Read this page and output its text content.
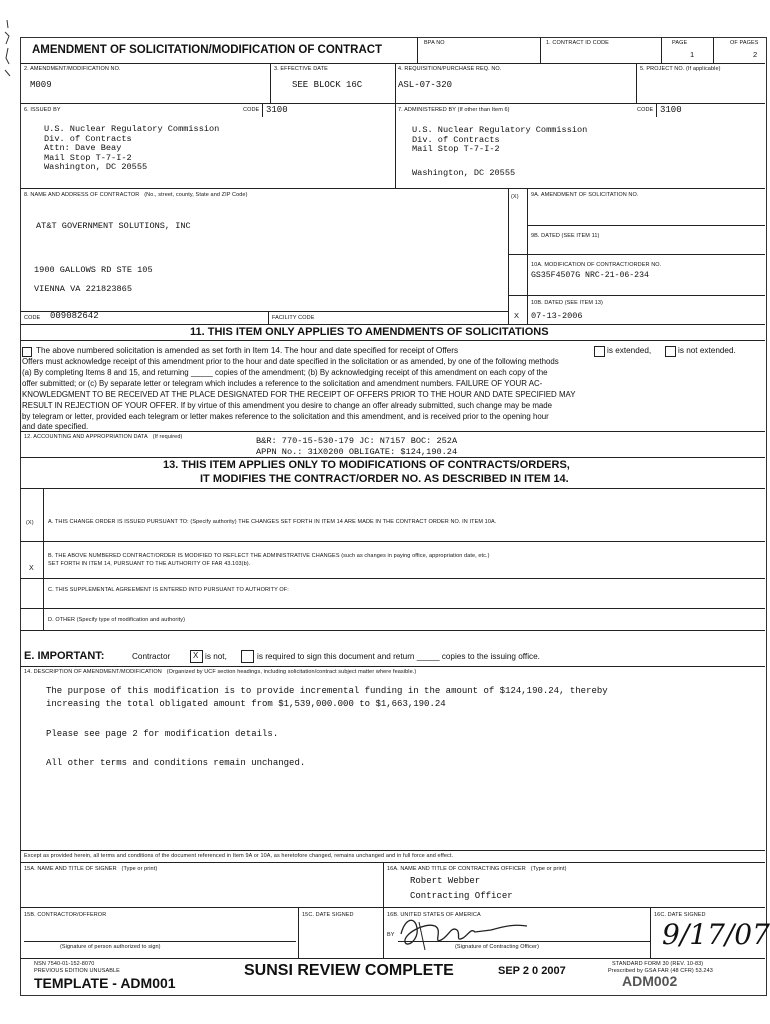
AMENDMENT OF SOLICITATION/MODIFICATION OF CONTRACT
BPA NO	1. CONTRACT ID CODE	PAGE
1
OF PAGES
2
2. AMENDMENT/MODIFICATION NO.
M009
3. EFFECTIVE DATE
SEE BLOCK 16C
4. REQUISITION/PURCHASE REQ. NO.
ASL-07-320
5. PROJECT NO. (If applicable)
6. ISSUED BY	CODE 3100
U.S. Nuclear Regulatory Commission
Div. of Contracts
Attn: Dave Beay
Mail Stop T-7-I-2
Washington, DC 20555
7. ADMINISTERED BY (If other than Item 6)	CODE 3100
U.S. Nuclear Regulatory Commission
Div. of Contracts
Mail Stop T-7-I-2
Washington, DC 20555
8. NAME AND ADDRESS OF CONTRACTOR (No., street, county, State and ZIP Code)
AT&T GOVERNMENT SOLUTIONS, INC
1900 GALLOWS RD STE 105
VIENNA VA 221823865
(X) 9A. AMENDMENT OF SOLICITATION NO.
9B. DATED (SEE ITEM 11)
10A. MODIFICATION OF CONTRACT/ORDER NO.
GS35F4507G NRC-21-06-234
10B. DATED (SEE ITEM 13)
X 07-13-2006
CODE 009082642	FACILITY CODE
11. THIS ITEM ONLY APPLIES TO AMENDMENTS OF SOLICITATIONS
The above numbered solicitation is amended as set forth in Item 14. The hour and date specified for receipt of Offers	is extended,	is not extended.
Offers must acknowledge receipt of this amendment prior to the hour and date specified in the solicitation or as amended, by one of the following methods
(a) By completing Items 8 and 15, and returning _____ copies of the amendment; (b) By acknowledging receipt of this amendment on each copy of the
offer submitted; or (c) By separate letter or telegram which includes a reference to the solicitation and amendment numbers. FAILURE OF YOUR AC-
KNOWLEDGMENT TO BE RECEIVED AT THE PLACE DESIGNATED FOR THE RECEIPT OF OFFERS PRIOR TO THE HOUR AND DATE SPECIFIED MAY
RESULT IN REJECTION OF YOUR OFFER. If by virtue of this amendment you desire to change an offer already submitted, such change may be made
by telegram or letter, provided each telegram or letter makes reference to the solicitation and this amendment, and is received prior to the opening hour
and date specified.
12. ACCOUNTING AND APPROPRIATION DATA (If required)	B&R: 770-15-530-179 JC: N7157 BOC: 252A
APPN No.: 31X0200 OBLIGATE: $124,190.24
13. THIS ITEM APPLIES ONLY TO MODIFICATIONS OF CONTRACTS/ORDERS,
IT MODIFIES THE CONTRACT/ORDER NO. AS DESCRIBED IN ITEM 14.
(X)	A. THIS CHANGE ORDER IS ISSUED PURSUANT TO: (Specify authority) THE CHANGES SET FORTH IN ITEM 14 ARE MADE IN THE CONTRACT ORDER NO. IN ITEM 10A.
B. THE ABOVE NUMBERED CONTRACT/ORDER IS MODIFIED TO REFLECT THE ADMINISTRATIVE CHANGES (such as changes in paying office, appropriation date, etc.)
SET FORTH IN ITEM 14, PURSUANT TO THE AUTHORITY OF FAR 43.103(b).
X
C. THIS SUPPLEMENTAL AGREEMENT IS ENTERED INTO PURSUANT TO AUTHORITY OF:
D. OTHER (Specify type of modification and authority)
E. IMPORTANT:	Contractor	X is not,	is required to sign this document and return _____ copies to the issuing office.
14. DESCRIPTION OF AMENDMENT/MODIFICATION (Organized by UCF section headings, including solicitation/contract subject matter where feasible.)
The purpose of this modification is to provide incremental funding in the amount of $124,190.24, thereby
increasing the total obligated amount from $1,539,000.000 to $1,663,190.24
Please see page 2 for modification details.
All other terms and conditions remain unchanged.
Except as provided herein, all terms and conditions of the document referenced in Item 9A or 10A, as heretofore changed, remains unchanged and in full force and effect.
15A. NAME AND TITLE OF SIGNER (Type or print)	16A. NAME AND TITLE OF CONTRACTING OFFICER (Type or print)
Robert Webber
Contracting Officer
15B. CONTRACTOR/OFFEROR
(Signature of person authorized to sign)
15C. DATE SIGNED	16B. UNITED STATES OF AMERICA
BY
(Signature of Contracting Officer)
16C. DATE SIGNED
9/17/07
NSN 7540-01-152-8070
PREVIOUS EDITION UNUSABLE
TEMPLATE - ADM001
SUNSI REVIEW COMPLETE	SEP 2 0 2007
STANDARD FORM 30 (REV. 10-83)
Prescribed by GSA FAR (48 CFR) 53.243
ADM002
